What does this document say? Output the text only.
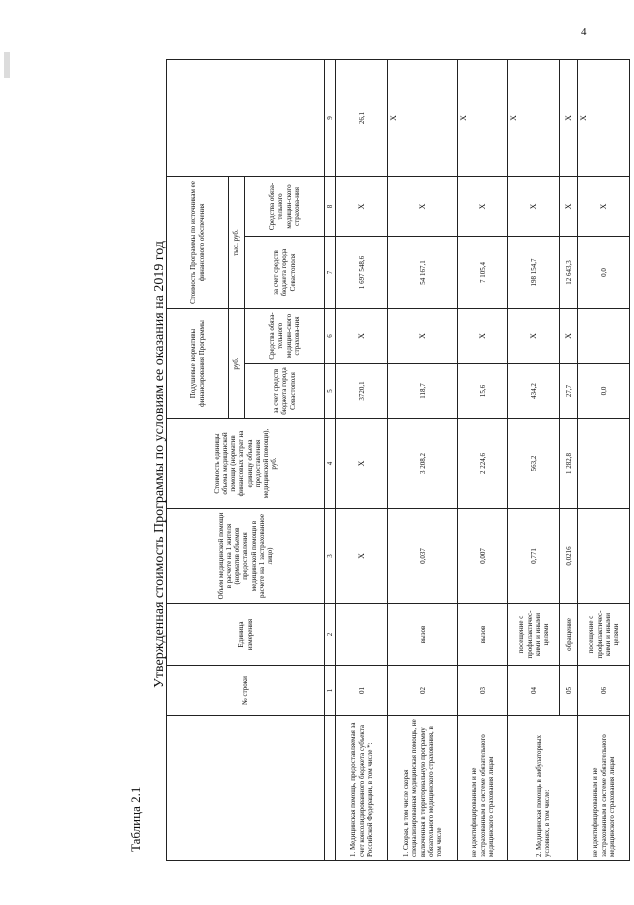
4
Таблица 2.1
Утвержденная стоимость Программы по условиям ее оказания на 2019 год
	№ строки	Единица измерения	Объем медицинской помощи в расчете на 1 жителя (норматив объемов предоставления медицинской помощи в расчете на 1 застрахованное лицо)	Стоимость единицы объема медицинской помощи (норматив финансовых затрат на единицу объема предоставления медицинской помощи), руб.	Подушевые нормативы финансирования Программы		Стоимость Программы по источникам ее финансового обеспечения		
					руб.		тыс. руб.		
					за счет средств бюджета города Севастополя	Средства обяза-тельного медицин-ского страхова-ния	за счет средств бюджета города Севастополя	Средства обяза-тельного медицин-ского страхова-ния	
	1	2	3	4	5	6	7	8	9
1. Медицинская помощь, предоставляемая за счет консолидированного бюджета субъекта Российской Федерации, в том числе *:	01		X	X	3720,1	X	1 697 548,6	X	26,1
1. Скорая, в том числе скорая специализированная медицинская помощь, не включенная в территориальную программу обязательного медицинского страхования, в том числе	02	вызов	0,037	3 208,2	118,7	X	54 167,1	X	X
не идентифицированным и не застрахованным в системе обязательного медицинского страхования лицам	03	вызов	0,007	2 224,6	15,6	X	7 105,4	X	X
2. Медицинская помощь в амбулаторных условиях, в том числе:	04	посещение с профилактичес-кими и иными целями	0,771	563,2	434,2	X	198 154,7	X	X
	05	обращение	0,0216	1 282,8	27,7	X	12 643,3	X	X
не идентифицированным и не застрахованным в системе обязательного медицинского страхования лицам	06	посещение с профилактичес-кими и иными целями			0,0		0,0	X	X
